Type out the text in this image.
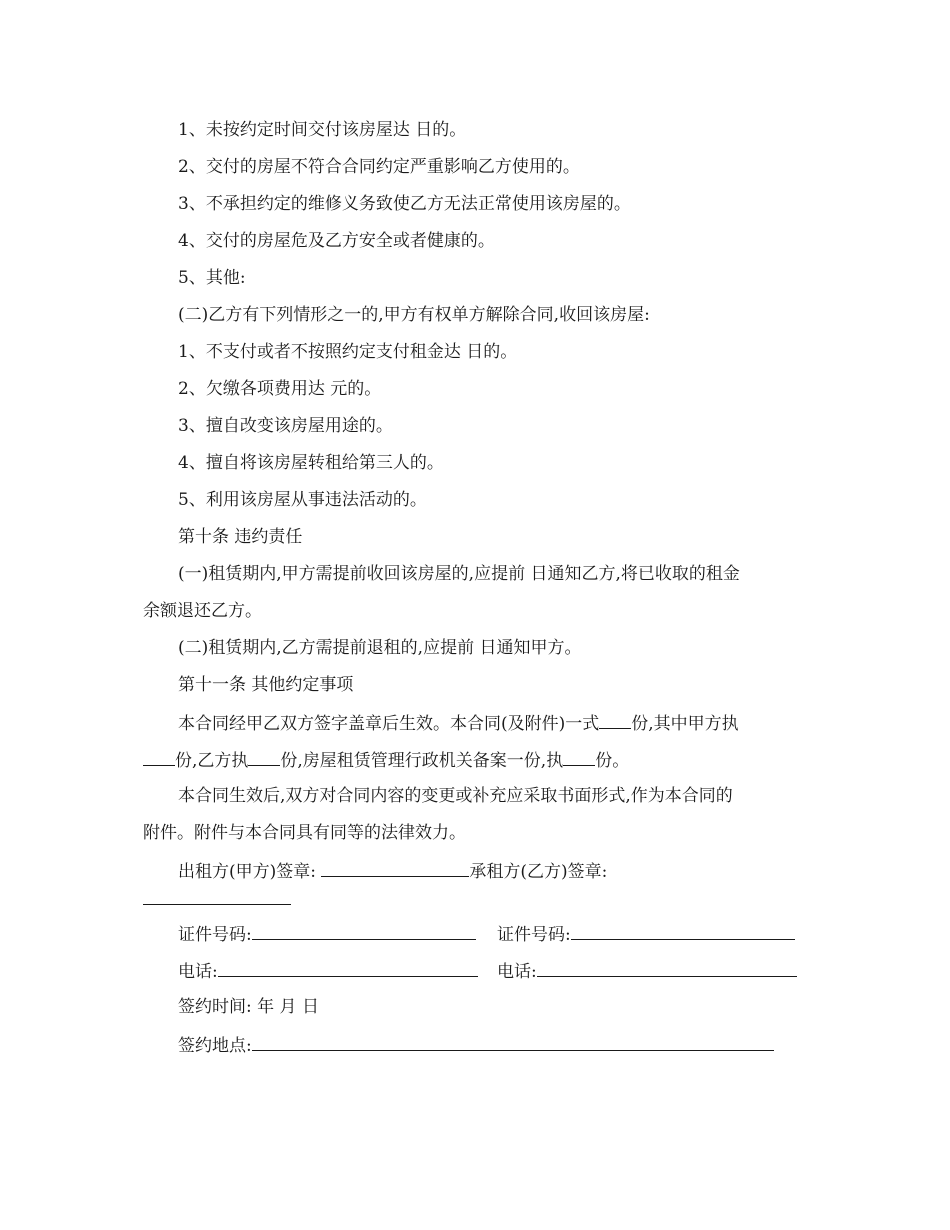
1、未按约定时间交付该房屋达 日的。
2、交付的房屋不符合合同约定严重影响乙方使用的。
3、不承担约定的维修义务致使乙方无法正常使用该房屋的。
4、交付的房屋危及乙方安全或者健康的。
5、其他:
(二)乙方有下列情形之一的,甲方有权单方解除合同,收回该房屋:
1、不支付或者不按照约定支付租金达 日的。
2、欠缴各项费用达 元的。
3、擅自改变该房屋用途的。
4、擅自将该房屋转租给第三人的。
5、利用该房屋从事违法活动的。
第十条 违约责任
(一)租赁期内,甲方需提前收回该房屋的,应提前 日通知乙方,将已收取的租金
余额退还乙方。
(二)租赁期内,乙方需提前退租的,应提前 日通知甲方。
第十一条 其他约定事项
本合同经甲乙双方签字盖章后生效。本合同(及附件)一式 份,其中甲方执
份,乙方执 份,房屋租赁管理行政机关备案一份,执 份。
本合同生效后,双方对合同内容的变更或补充应采取书面形式,作为本合同的
附件。附件与本合同具有同等的法律效力。
出租方(甲方)签章:	承租方(乙方)签章:
证件号码:	证件号码:
电话:	电话:
签约时间: 年 月 日
签约地点:
